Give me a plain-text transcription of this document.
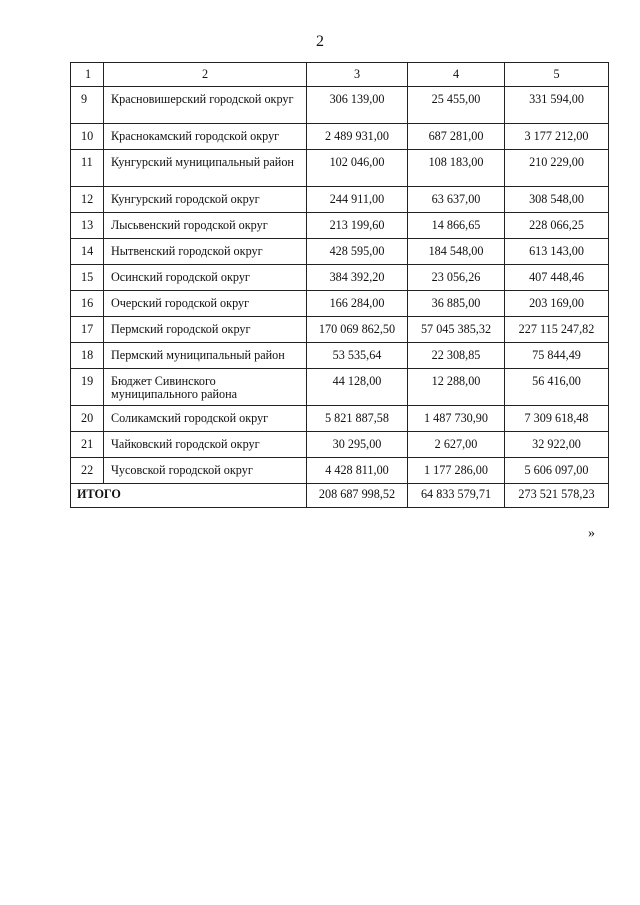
2
1	2	3	4	5
9	Красновишерский городской округ	306 139,00	25 455,00	331 594,00
10	Краснокамский городской округ	2 489 931,00	687 281,00	3 177 212,00
11	Кунгурский муниципальный район	102 046,00	108 183,00	210 229,00
12	Кунгурский городской округ	244 911,00	63 637,00	308 548,00
13	Лысьвенский городской округ	213 199,60	14 866,65	228 066,25
14	Нытвенский городской округ	428 595,00	184 548,00	613 143,00
15	Осинский городской округ	384 392,20	23 056,26	407 448,46
16	Очерский городской округ	166 284,00	36 885,00	203 169,00
17	Пермский городской округ	170 069 862,50	57 045 385,32	227 115 247,82
18	Пермский муниципальный район	53 535,64	22 308,85	75 844,49
19	Бюджет Сивинского муниципального района	44 128,00	12 288,00	56 416,00
20	Соликамский городской округ	5 821 887,58	1 487 730,90	7 309 618,48
21	Чайковский городской округ	30 295,00	2 627,00	32 922,00
22	Чусовской городской округ	4 428 811,00	1 177 286,00	5 606 097,00
ИТОГО		208 687 998,52	64 833 579,71	273 521 578,23
»
